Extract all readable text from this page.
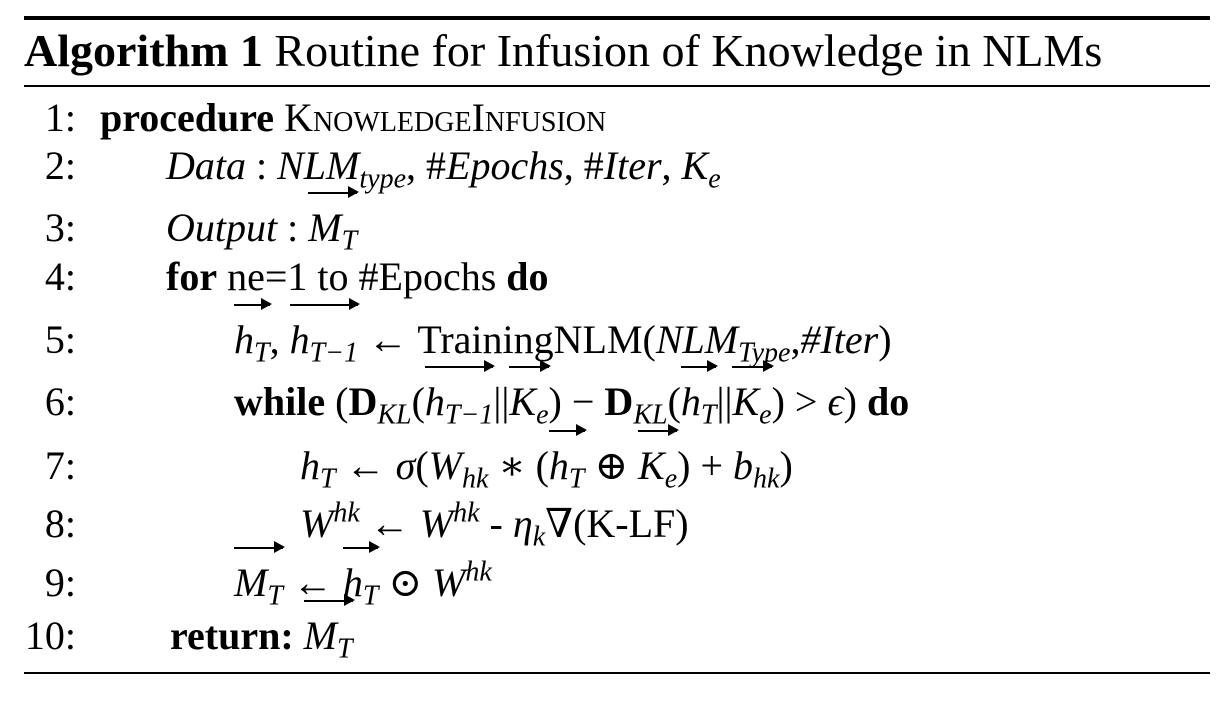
Algorithm 1 Routine for Infusion of Knowledge in NLMs
1: procedure KnowledgeInfusion
2: Data : $NLM_{type}$, #Epochs, #Iter, $K_e$
3: Output : $M_T$
4: for ne=1 to #Epochs do
5:	$h_T$, $h_{T-1}$ ← $TrainingNLM(NLM_{Type},\#Iter)$
6:	while $(D_{KL}(h_{T-1}||K_e) - D_{KL}(h_T||K_e) > \epsilon)$ do
7:	$h_T$ ← $\sigma(W_{hk}$ ∗ ($h_T$ ⊕ $K_e) + b_{hk}$)
8:	$W^{hk}$ ← $W^{hk} - \eta_k\nabla(K-LF)$
9:	$M_T$ ← $h_T$ ⊙ $W^{hk}$
10: return: $M_T$
